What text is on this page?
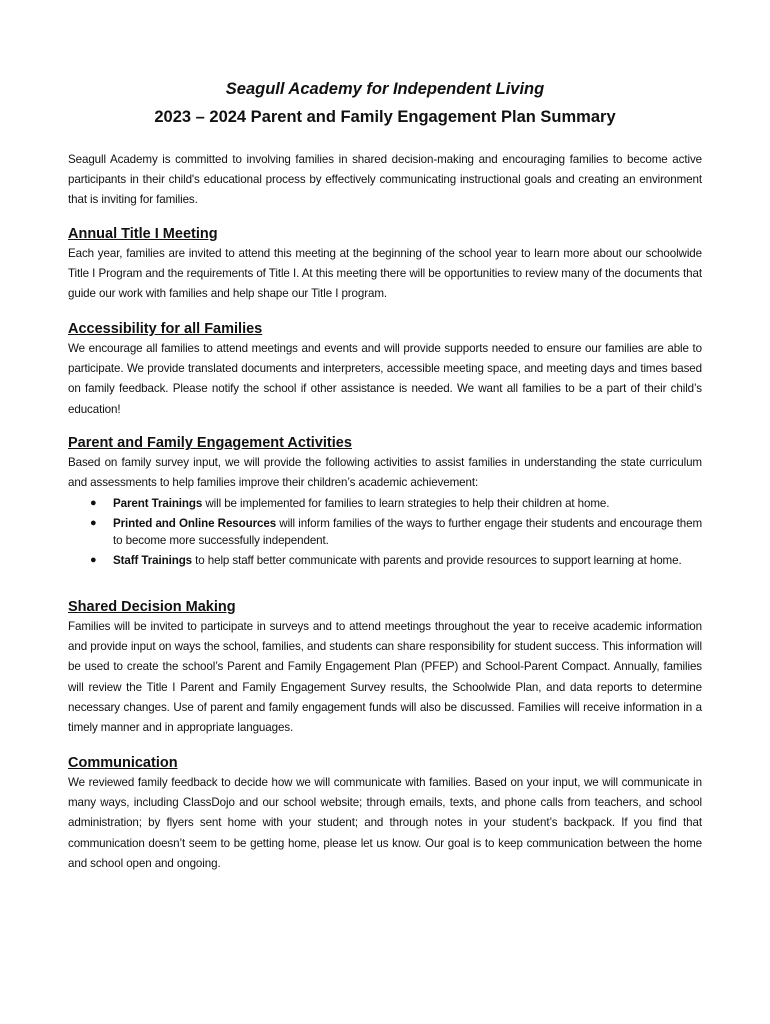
Seagull Academy for Independent Living
2023 – 2024 Parent and Family Engagement Plan Summary

Seagull Academy is committed to involving families in shared decision-making and encouraging families to become active participants in their child's educational process by effectively communicating instructional goals and creating an environment that is inviting for families.

Annual Title I Meeting

Each year, families are invited to attend this meeting at the beginning of the school year to learn more about our schoolwide Title I Program and the requirements of Title I. At this meeting there will be opportunities to review many of the documents that guide our work with families and help shape our Title I program.

Accessibility for all Families

We encourage all families to attend meetings and events and will provide supports needed to ensure our families are able to participate. We provide translated documents and interpreters, accessible meeting space, and meeting days and times based on family feedback. Please notify the school if other assistance is needed. We want all families to be a part of their child’s education!

Parent and Family Engagement Activities

Based on family survey input, we will provide the following activities to assist families in understanding the state curriculum and assessments to help families improve their children’s academic achievement:

● Parent Trainings will be implemented for families to learn strategies to help their children at home.
● Printed and Online Resources will inform families of the ways to further engage their students and encourage them to become more successfully independent.
● Staff Trainings to help staff better communicate with parents and provide resources to support learning at home.
Shared Decision Making

Families will be invited to participate in surveys and to attend meetings throughout the year to receive academic information and provide input on ways the school, families, and students can share responsibility for student success. This information will be used to create the school’s Parent and Family Engagement Plan (PFEP) and School-Parent Compact. Annually, families will review the Title I Parent and Family Engagement Survey results, the Schoolwide Plan, and data reports to determine necessary changes. Use of parent and family engagement funds will also be discussed. Families will receive information in a timely manner and in appropriate languages.

Communication

We reviewed family feedback to decide how we will communicate with families. Based on your input, we will communicate in many ways, including ClassDojo and our school website; through emails, texts, and phone calls from teachers, and school administration; by flyers sent home with your student; and through notes in your student’s backpack. If you find that communication doesn’t seem to be getting home, please let us know. Our goal is to keep communication between the home and school open and ongoing.
